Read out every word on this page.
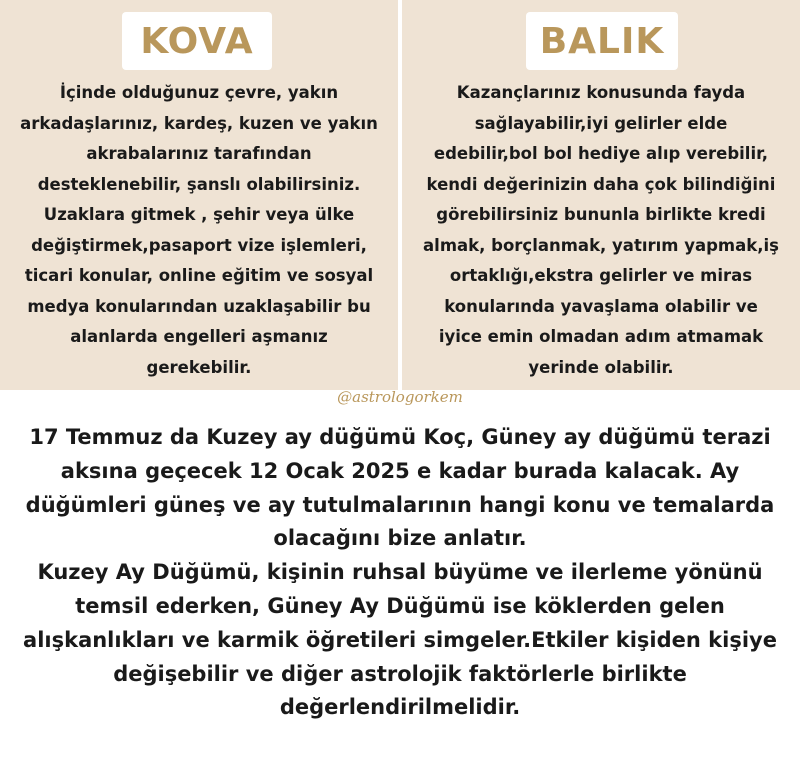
KOVA

İçinde olduğunuz çevre, yakın arkadaşlarınız, kardeş, kuzen ve yakın akrabalarınız tarafından desteklenebilir, şanslı olabilirsiniz. Uzaklara gitmek , şehir veya ülke değiştirmek,pasaport vize işlemleri, ticari konular, online eğitim ve sosyal medya konularından uzaklaşabilir bu alanlarda engelleri aşmanız gerekebilir.

BALIK

Kazançlarınız konusunda fayda sağlayabilir,iyi gelirler elde edebilir,bol bol hediye alıp verebilir, kendi değerinizin daha çok bilindiğini görebilirsiniz bununla birlikte kredi almak, borçlanmak, yatırım yapmak,iş ortaklığı,ekstra gelirler ve miras konularında yavaşlama olabilir ve iyice emin olmadan adım atmamak yerinde olabilir.

@astrologorkem
17 Temmuz da Kuzey ay düğümü Koç, Güney ay düğümü terazi aksına geçecek 12 Ocak 2025 e kadar burada kalacak. Ay düğümleri güneş ve ay tutulmalarının hangi konu ve temalarda olacağını bize anlatır.
Kuzey Ay Düğümü, kişinin ruhsal büyüme ve ilerleme yönünü temsil ederken, Güney Ay Düğümü ise köklerden gelen alışkanlıkları ve karmik öğretileri simgeler.Etkiler kişiden kişiye değişebilir ve diğer astrolojik faktörlerle birlikte değerlendirilmelidir.
